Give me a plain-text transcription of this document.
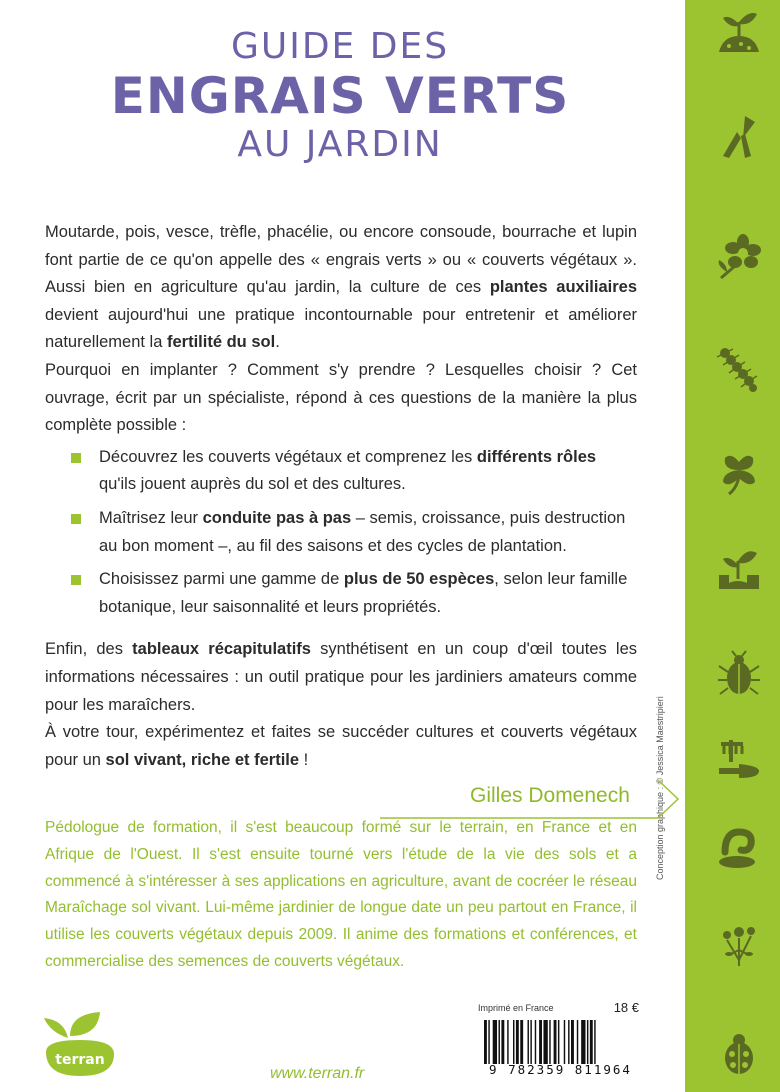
Conception graphique : © Jessica Maestripieri
GUIDE DES
ENGRAIS VERTS
AU JARDIN

Moutarde, pois, vesce, trèfle, phacélie, ou encore consoude, bourrache et lupin font partie de ce qu'on appelle des « engrais verts » ou « couverts végétaux ». Aussi bien en agriculture qu'au jardin, la culture de ces plantes auxiliaires devient aujourd'hui une pratique incontournable pour entretenir et améliorer naturellement la fertilité du sol.

Pourquoi en implanter ? Comment s'y prendre ? Lesquelles choisir ? Cet ouvrage, écrit par un spécialiste, répond à ces questions de la manière la plus complète possible :

Découvrez les couverts végétaux et comprenez les différents rôles qu'ils jouent auprès du sol et des cultures.
Maîtrisez leur conduite pas à pas – semis, croissance, puis destruction au bon moment –, au fil des saisons et des cycles de plantation.
Choisissez parmi une gamme de plus de 50 espèces, selon leur famille botanique, leur saisonnalité et leurs propriétés.

Enfin, des tableaux récapitulatifs synthétisent en un coup d'œil toutes les informations nécessaires : un outil pratique pour les jardiniers amateurs comme pour les maraîchers.

À votre tour, expérimentez et faites se succéder cultures et couverts végétaux pour un sol vivant, riche et fertile !

Gilles Domenech
Pédologue de formation, il s'est beaucoup formé sur le terrain, en France et en Afrique de l'Ouest. Il s'est ensuite tourné vers l'étude de la vie des sols et a commencé à s'intéresser à ses applications en agriculture, avant de cocréer le réseau Maraîchage sol vivant. Lui-même jardinier de longue date un peu partout en France, il utilise les couverts végétaux depuis 2009. Il anime des formations et conférences, et commercialise des semences de couverts végétaux.
terran
www.terran.fr
Imprimé en France	18 €
9 782359 811964
